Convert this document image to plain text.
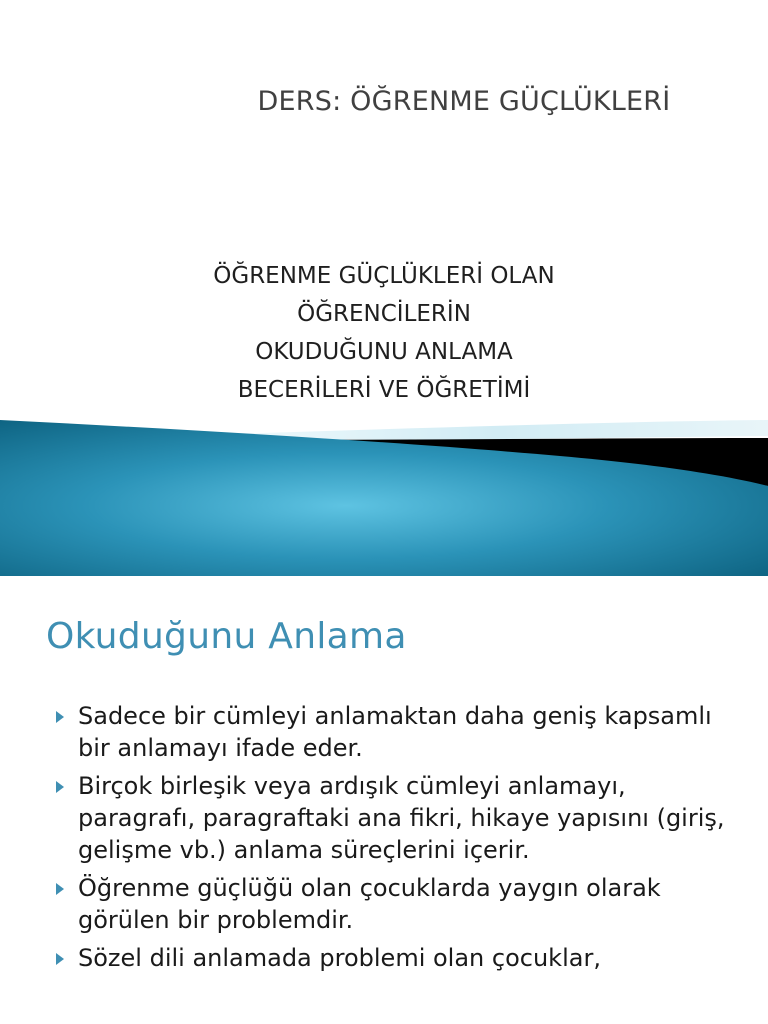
DERS: ÖĞRENME GÜÇLÜKLERİ
ÖĞRENME GÜÇLÜKLERİ OLAN
ÖĞRENCİLERİN
OKUDUĞUNU ANLAMA
BECERİLERİ VE ÖĞRETİMİ
Okuduğunu Anlama
Sadece bir cümleyi anlamaktan daha geniş kapsamlı bir anlamayı ifade eder.
Birçok birleşik veya ardışık cümleyi anlamayı, paragrafı, paragraftaki ana fikri, hikaye yapısını (giriş, gelişme vb.) anlama süreçlerini içerir.
Öğrenme güçlüğü olan çocuklarda yaygın olarak görülen bir problemdir.
Sözel dili anlamada problemi olan çocuklar,
